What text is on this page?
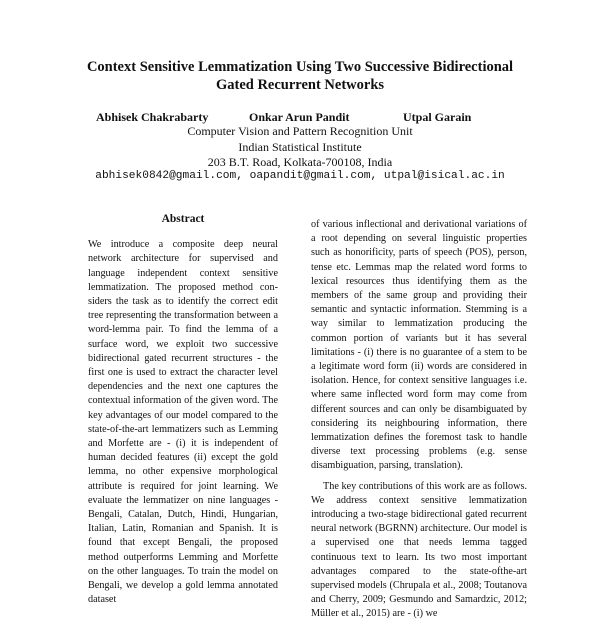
Context Sensitive Lemmatization Using Two Successive Bidirectional
Gated Recurrent Networks
Abhisek Chakrabarty	Onkar Arun Pandit	Utpal Garain
Computer Vision and Pattern Recognition Unit
Indian Statistical Institute
203 B.T. Road, Kolkata-700108, India
abhisek0842@gmail.com, oapandit@gmail.com, utpal@isical.ac.in
Abstract

We introduce a composite deep neural network architecture for supervised and language independent context sensitive lemmatization. The proposed method considers the task as to identify the correct edit tree representing the transformation between a word-lemma pair. To find the lemma of a surface word, we exploit two successive bidirectional gated recurrent structures - the first one is used to extract the character level dependencies and the next one captures the contextual information of the given word. The key advantages of our model compared to the state-of-the-art lemmatizers such as Lemming and Morfette are - (i) it is independent of human decided features (ii) except the gold lemma, no other expensive morphological attribute is required for joint learning. We evaluate the lemmatizer on nine languages - Bengali, Catalan, Dutch, Hindi, Hungarian, Italian, Latin, Romanian and Spanish. It is found that except Bengali, the proposed method outperforms Lemming and Morfette on the other languages. To train the model on Bengali, we develop a gold lemma annotated dataset

of various inflectional and derivational variations of a root depending on several linguistic properties such as honorificity, parts of speech (POS), person, tense etc. Lemmas map the related word forms to lexical resources thus identifying them as the members of the same group and providing their semantic and syntactic information. Stemming is a way similar to lemmatization producing the common portion of variants but it has several limitations - (i) there is no guarantee of a stem to be a legitimate word form (ii) words are considered in isolation. Hence, for context sensitive languages i.e. where same inflected word form may come from different sources and can only be disambiguated by considering its neighbouring information, there lemmatization defines the foremost task to handle diverse text processing problems (e.g. sense disambiguation, parsing, translation).

The key contributions of this work are as follows. We address context sensitive lemmatization introducing a two-stage bidirectional gated recurrent neural network (BGRNN) architecture. Our model is a supervised one that needs lemma tagged continuous text to learn. Its two most important advantages compared to the state-ofthe-art supervised models (Chrupala et al., 2008; Toutanova and Cherry, 2009; Gesmundo and Samardzic, 2012; Müller et al., 2015) are - (i) we
